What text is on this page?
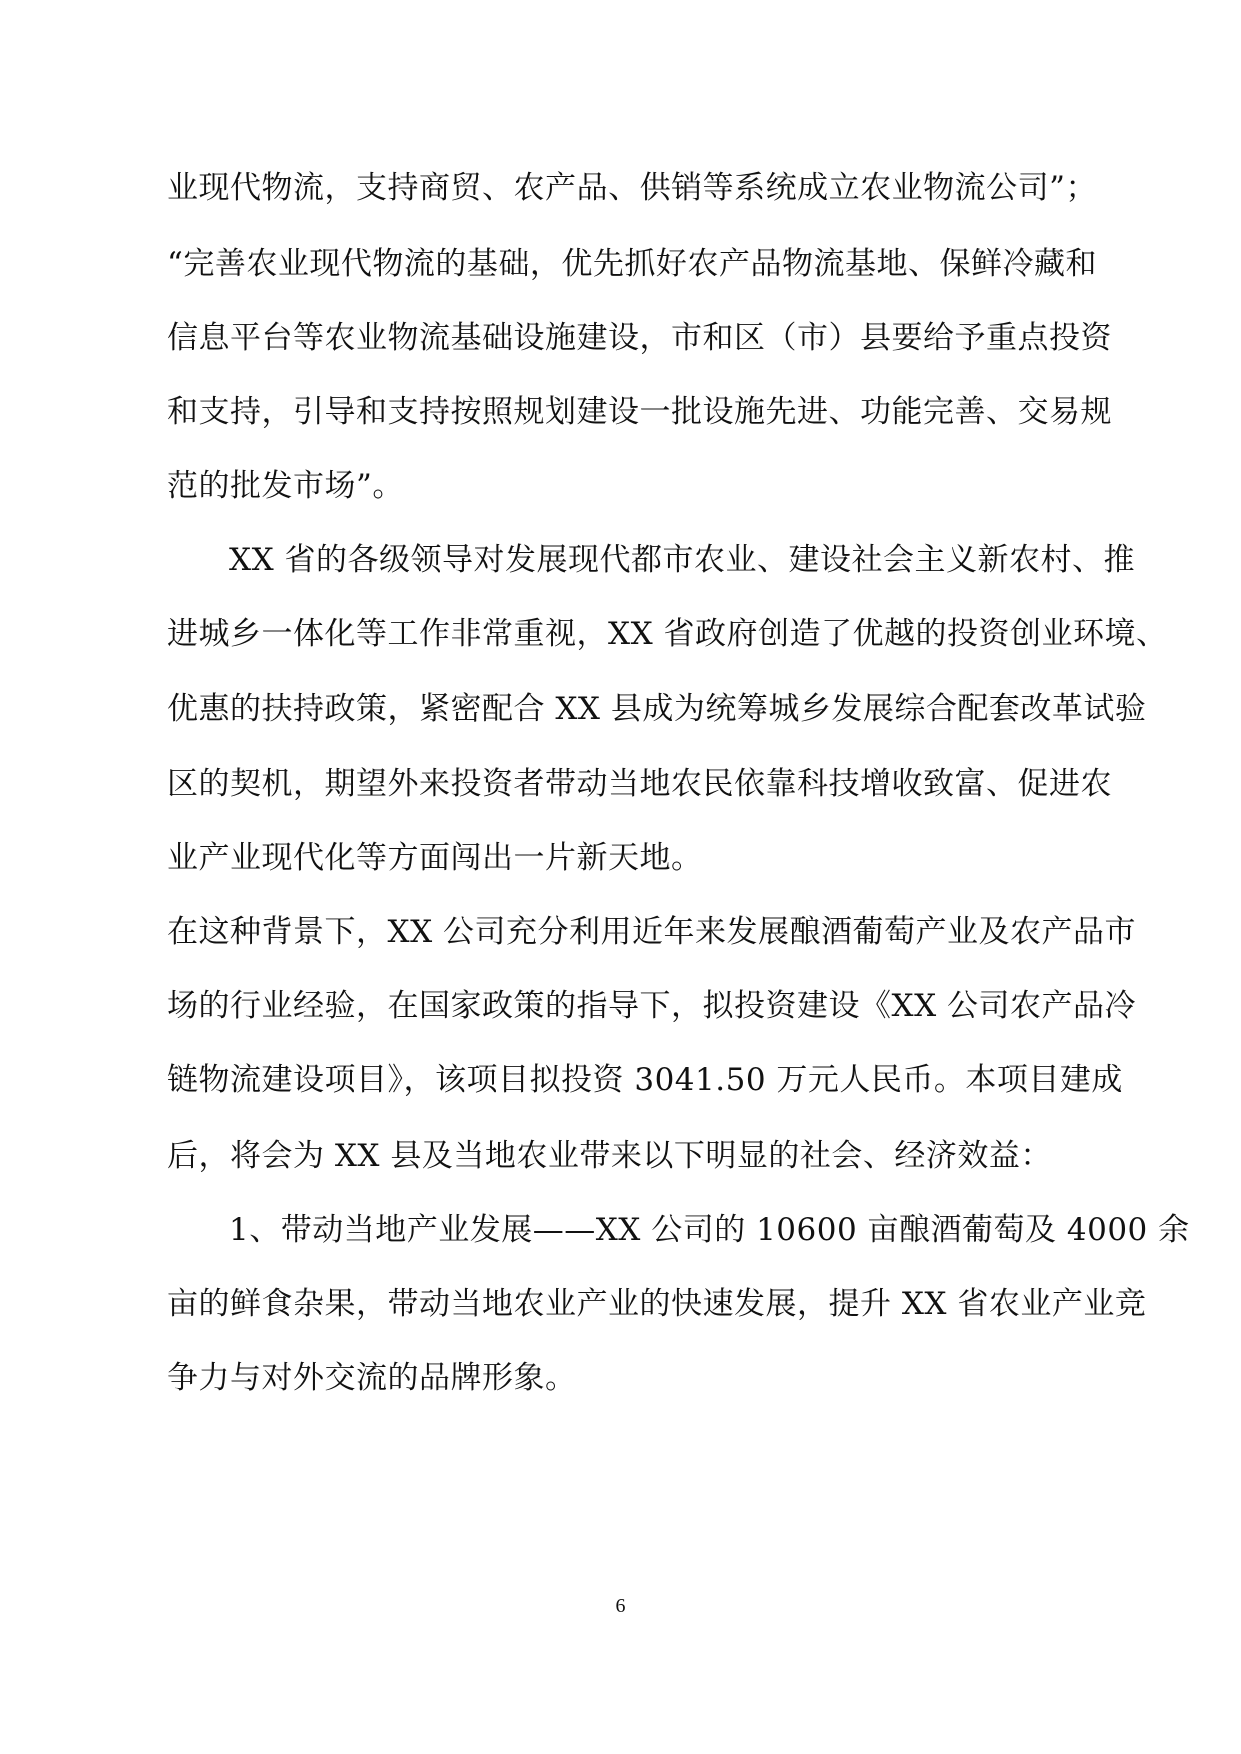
业现代物流，支持商贸、农产品、供销等系统成立农业物流公司”；
“完善农业现代物流的基础，优先抓好农产品物流基地、保鲜冷藏和
信息平台等农业物流基础设施建设，市和区（市）县要给予重点投资
和支持，引导和支持按照规划建设一批设施先进、功能完善、交易规
范的批发市场”。
XX 省的各级领导对发展现代都市农业、建设社会主义新农村、推
进城乡一体化等工作非常重视，XX 省政府创造了优越的投资创业环境、
优惠的扶持政策，紧密配合 XX 县成为统筹城乡发展综合配套改革试验
区的契机，期望外来投资者带动当地农民依靠科技增收致富、促进农
业产业现代化等方面闯出一片新天地。
在这种背景下，XX 公司充分利用近年来发展酿酒葡萄产业及农产品市
场的行业经验，在国家政策的指导下，拟投资建设《XX 公司农产品冷
链物流建设项目》，该项目拟投资 3041.50 万元人民币。本项目建成
后，将会为 XX 县及当地农业带来以下明显的社会、经济效益：
1、带动当地产业发展——XX 公司的 10600 亩酿酒葡萄及 4000 余
亩的鲜食杂果，带动当地农业产业的快速发展，提升 XX 省农业产业竞
争力与对外交流的品牌形象。
6
